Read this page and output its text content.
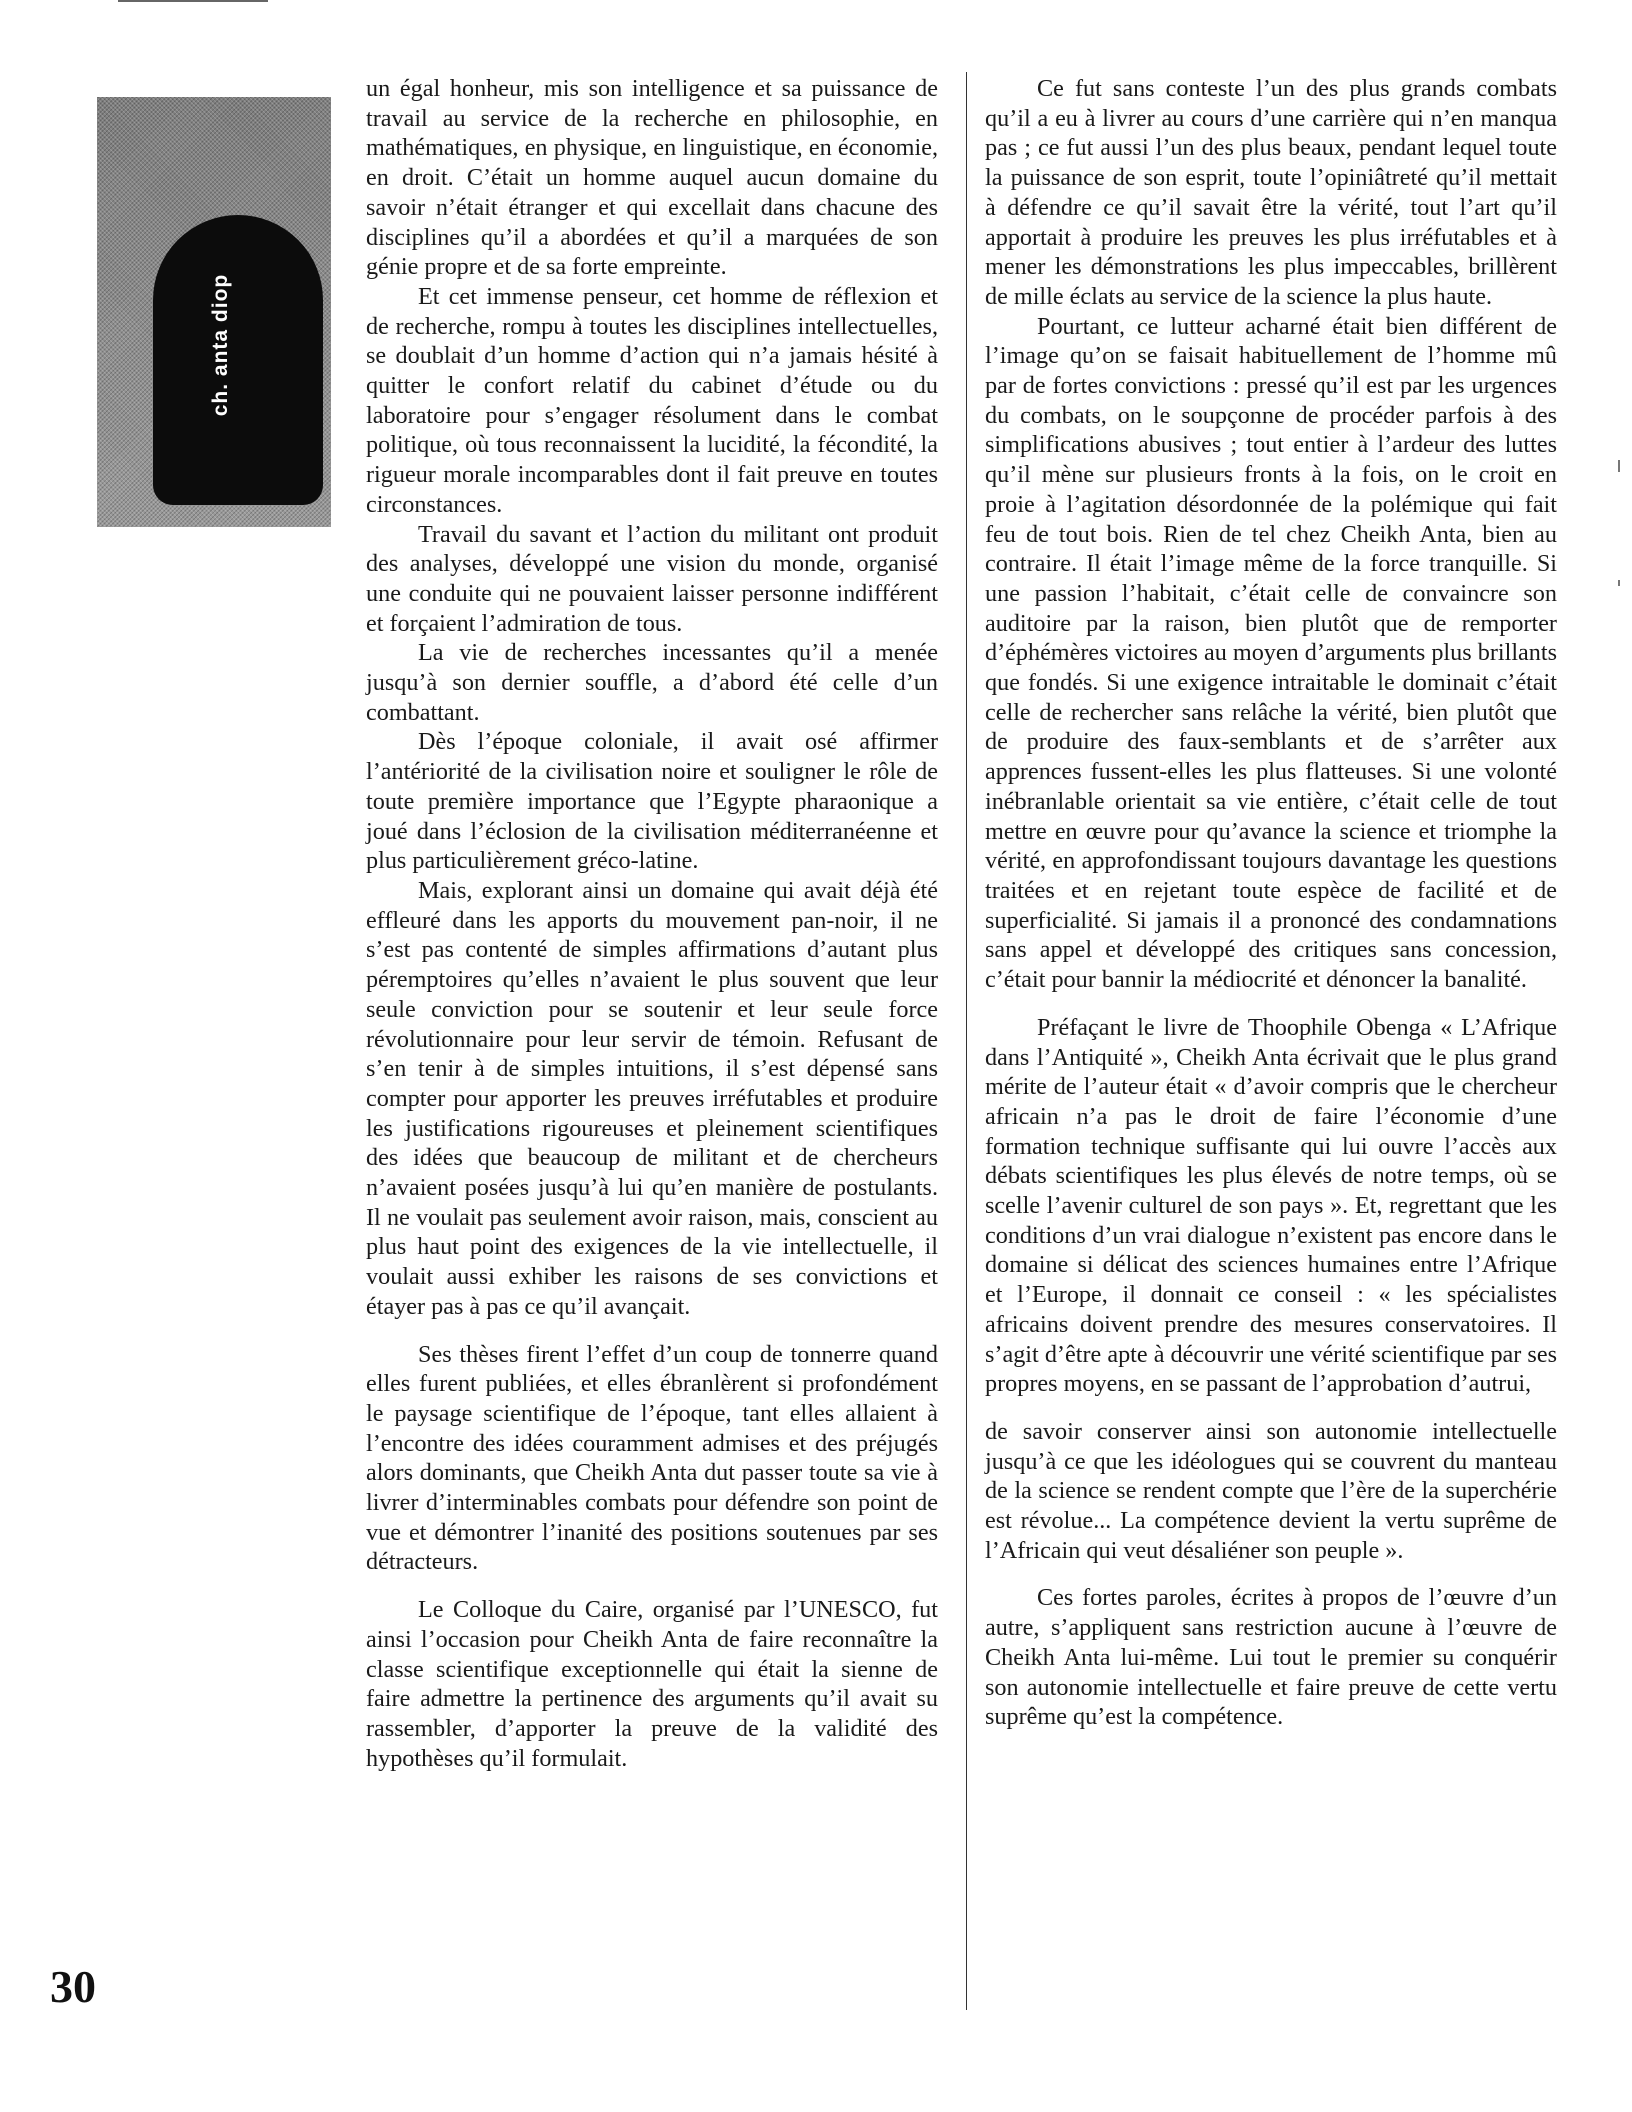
ch. anta diop

un égal honheur, mis son intelligence et sa puissance de travail au service de la recherche en philosophie, en mathématiques, en physique, en linguistique, en économie, en droit. C’était un homme auquel aucun domaine du savoir n’était étranger et qui excellait dans chacune des disciplines qu’il a abordées et qu’il a marquées de son génie propre et de sa forte empreinte.

Et cet immense penseur, cet homme de réflexion et de recherche, rompu à toutes les disciplines intellectuelles, se doublait d’un homme d’action qui n’a jamais hésité à quitter le confort relatif du cabinet d’étude ou du laboratoire pour s’engager résolument dans le combat politique, où tous reconnaissent la lucidité, la fécondité, la rigueur morale incomparables dont il fait preuve en toutes circonstances.

Travail du savant et l’action du militant ont produit des analyses, développé une vision du monde, organisé une conduite qui ne pouvaient laisser personne indifférent et forçaient l’admiration de tous.

La vie de recherches incessantes qu’il a menée jusqu’à son dernier souffle, a d’abord été celle d’un combattant.

Dès l’époque coloniale, il avait osé affirmer l’antériorité de la civilisation noire et souligner le rôle de toute première importance que l’Egypte pharaonique a joué dans l’éclosion de la civilisation méditerranéenne et plus particulièrement gréco-latine.

Mais, explorant ainsi un domaine qui avait déjà été effleuré dans les apports du mouvement pan-noir, il ne s’est pas contenté de simples affirmations d’autant plus péremptoires qu’elles n’avaient le plus souvent que leur seule conviction pour se soutenir et leur seule force révolutionnaire pour leur servir de témoin. Refusant de s’en tenir à de simples intuitions, il s’est dépensé sans compter pour apporter les preuves irréfutables et produire les justifications rigoureuses et pleinement scientifiques des idées que beaucoup de militant et de chercheurs n’avaient posées jusqu’à lui qu’en manière de postulants. Il ne voulait pas seulement avoir raison, mais, conscient au plus haut point des exigences de la vie intellectuelle, il voulait aussi exhiber les raisons de ses convictions et étayer pas à pas ce qu’il avançait.

Ses thèses firent l’effet d’un coup de tonnerre quand elles furent publiées, et elles ébranlèrent si profondément le paysage scientifique de l’époque, tant elles allaient à l’encontre des idées couramment admises et des préjugés alors dominants, que Cheikh Anta dut passer toute sa vie à livrer d’interminables combats pour défendre son point de vue et démontrer l’inanité des positions soutenues par ses détracteurs.

Le Colloque du Caire, organisé par l’UNESCO, fut ainsi l’occasion pour Cheikh Anta de faire reconnaître la classe scientifique exceptionnelle qui était la sienne de faire admettre la pertinence des arguments qu’il avait su rassembler, d’apporter la preuve de la validité des hypothèses qu’il formulait.

Ce fut sans conteste l’un des plus grands combats qu’il a eu à livrer au cours d’une carrière qui n’en manqua pas ; ce fut aussi l’un des plus beaux, pendant lequel toute la puissance de son esprit, toute l’opiniâtreté qu’il mettait à défendre ce qu’il savait être la vérité, tout l’art qu’il apportait à produire les preuves les plus irréfutables et à mener les démonstrations les plus impeccables, brillèrent de mille éclats au service de la science la plus haute.

Pourtant, ce lutteur acharné était bien différent de l’image qu’on se faisait habituellement de l’homme mû par de fortes convictions : pressé qu’il est par les urgences du combats, on le soupçonne de procéder parfois à des simplifications abusives ; tout entier à l’ardeur des luttes qu’il mène sur plusieurs fronts à la fois, on le croit en proie à l’agitation désordonnée de la polémique qui fait feu de tout bois. Rien de tel chez Cheikh Anta, bien au contraire. Il était l’image même de la force tranquille. Si une passion l’habitait, c’était celle de convaincre son auditoire par la raison, bien plutôt que de remporter d’éphémères victoires au moyen d’arguments plus brillants que fondés. Si une exigence intraitable le dominait c’était celle de rechercher sans relâche la vérité, bien plutôt que de produire des faux-semblants et de s’arrêter aux apprences fussent-elles les plus flatteuses. Si une volonté inébranlable orientait sa vie entière, c’était celle de tout mettre en œuvre pour qu’avance la science et triomphe la vérité, en approfondissant toujours davantage les questions traitées et en rejetant toute espèce de facilité et de superficialité. Si jamais il a prononcé des condamnations sans appel et développé des critiques sans concession, c’était pour bannir la médiocrité et dénoncer la banalité.

Préfaçant le livre de Thoophile Obenga « L’Afrique dans l’Antiquité », Cheikh Anta écrivait que le plus grand mérite de l’auteur était « d’avoir compris que le chercheur africain n’a pas le droit de faire l’économie d’une formation technique suffisante qui lui ouvre l’accès aux débats scientifiques les plus élevés de notre temps, où se scelle l’avenir culturel de son pays ». Et, regrettant que les conditions d’un vrai dialogue n’existent pas encore dans le domaine si délicat des sciences humaines entre l’Afrique et l’Europe, il donnait ce conseil : « les spécialistes africains doivent prendre des mesures conservatoires. Il s’agit d’être apte à découvrir une vérité scientifique par ses propres moyens, en se passant de l’approbation d’autrui,

de savoir conserver ainsi son autonomie intellectuelle jusqu’à ce que les idéologues qui se couvrent du manteau de la science se rendent compte que l’ère de la superchérie est révolue... La compétence devient la vertu suprême de l’Africain qui veut désaliéner son peuple ».

Ces fortes paroles, écrites à propos de l’œuvre d’un autre, s’appliquent sans restriction aucune à l’œuvre de Cheikh Anta lui-même. Lui tout le premier su conquérir son autonomie intellectuelle et faire preuve de cette vertu suprême qu’est la compétence.

30
